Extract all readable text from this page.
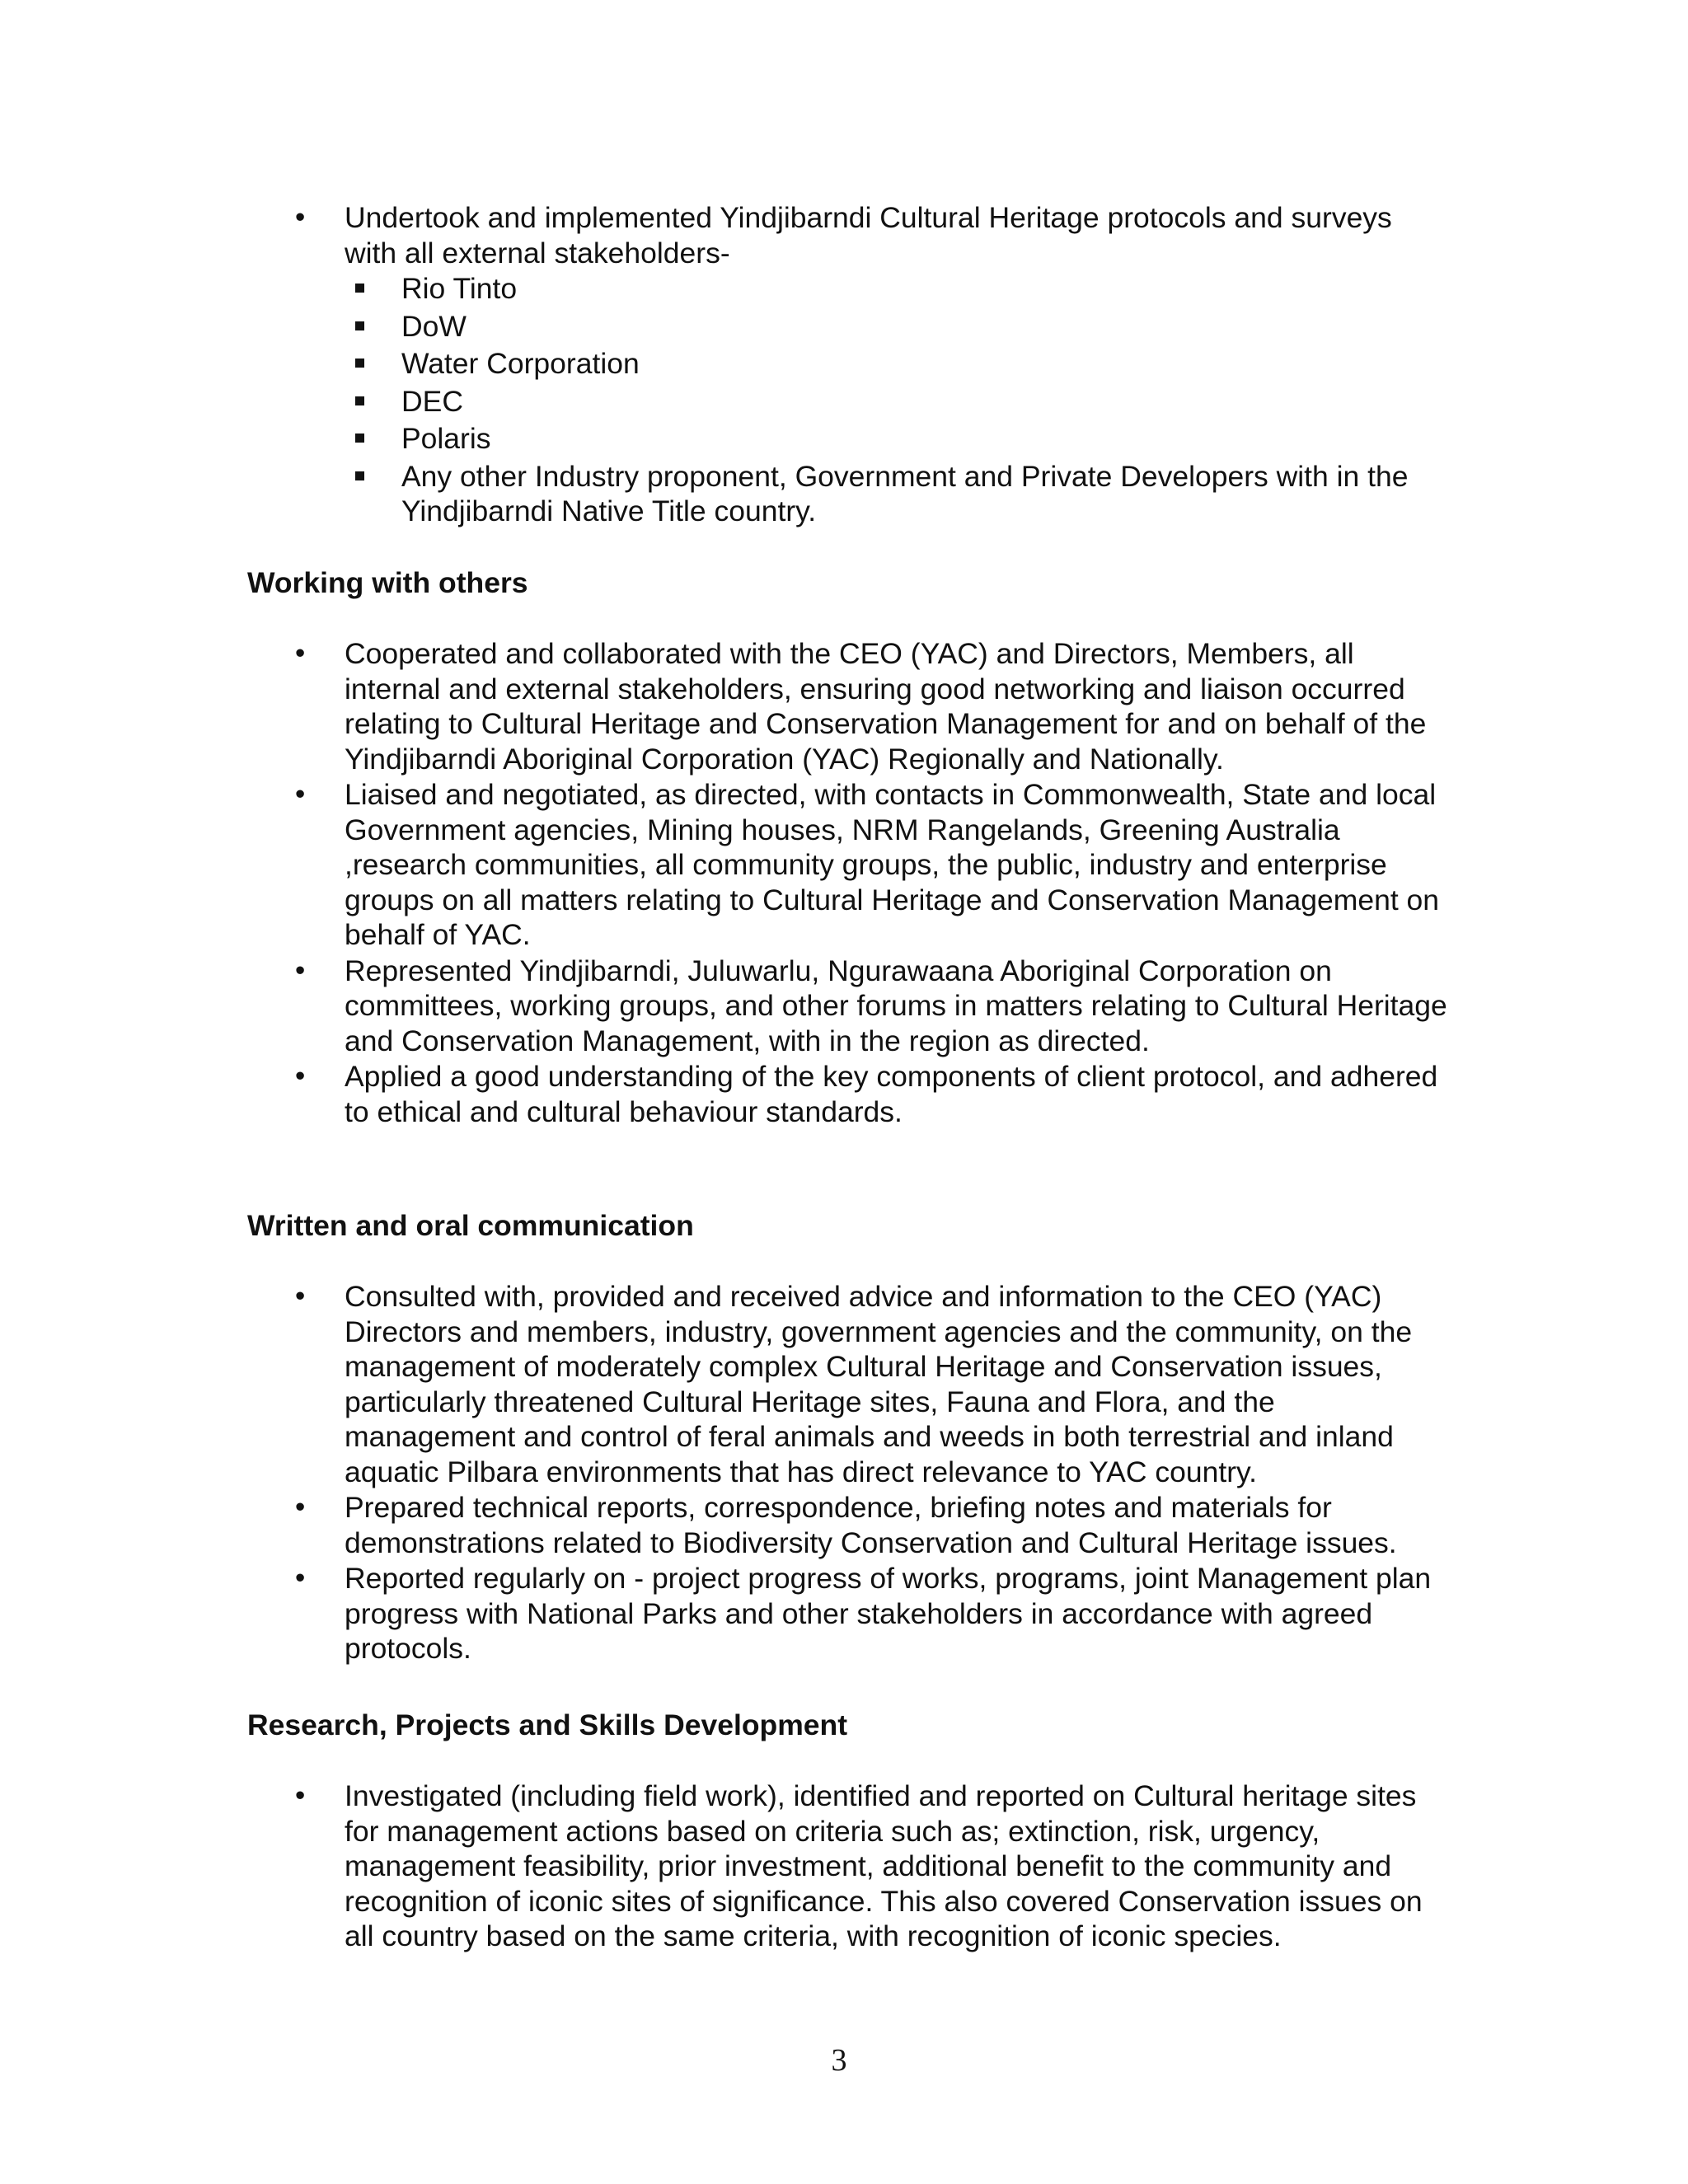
• Undertook and implemented Yindjibarndi Cultural Heritage protocols and surveys with all external stakeholders-
Rio Tinto
DoW
Water Corporation
DEC
Polaris
Any other Industry proponent, Government and Private Developers with in the Yindjibarndi Native Title country.
Working with others
• Cooperated and collaborated with the CEO (YAC) and Directors, Members, all internal and external stakeholders, ensuring good networking and liaison occurred relating to Cultural Heritage and Conservation Management for and on behalf of the Yindjibarndi Aboriginal Corporation (YAC) Regionally and Nationally.
• Liaised and negotiated, as directed, with contacts in Commonwealth, State and local Government agencies, Mining houses, NRM Rangelands, Greening Australia ,research communities, all community groups, the public, industry and enterprise groups on all matters relating to Cultural Heritage and Conservation Management on behalf of YAC.
• Represented Yindjibarndi, Juluwarlu, Ngurawaana Aboriginal Corporation on committees, working groups, and other forums in matters relating to Cultural Heritage and Conservation Management, with in the region as directed.
• Applied a good understanding of the key components of client protocol, and adhered to ethical and cultural behaviour standards.
Written and oral communication
• Consulted with, provided and received advice and information to the CEO (YAC) Directors and members, industry, government agencies and the community, on the management of moderately complex Cultural Heritage and Conservation issues, particularly threatened Cultural Heritage sites, Fauna and Flora, and the management and control of feral animals and weeds in both terrestrial and inland aquatic Pilbara environments that has direct relevance to YAC country.
• Prepared technical reports, correspondence, briefing notes and materials for demonstrations related to Biodiversity Conservation and Cultural Heritage issues.
• Reported regularly on - project progress of works, programs, joint Management plan progress with National Parks and other stakeholders in accordance with agreed protocols.
Research, Projects and Skills Development
• Investigated (including field work), identified and reported on Cultural heritage sites for management actions based on criteria such as; extinction, risk, urgency, management feasibility, prior investment, additional benefit to the community and recognition of iconic sites of significance. This also covered Conservation issues on all country based on the same criteria, with recognition of iconic species.
3
